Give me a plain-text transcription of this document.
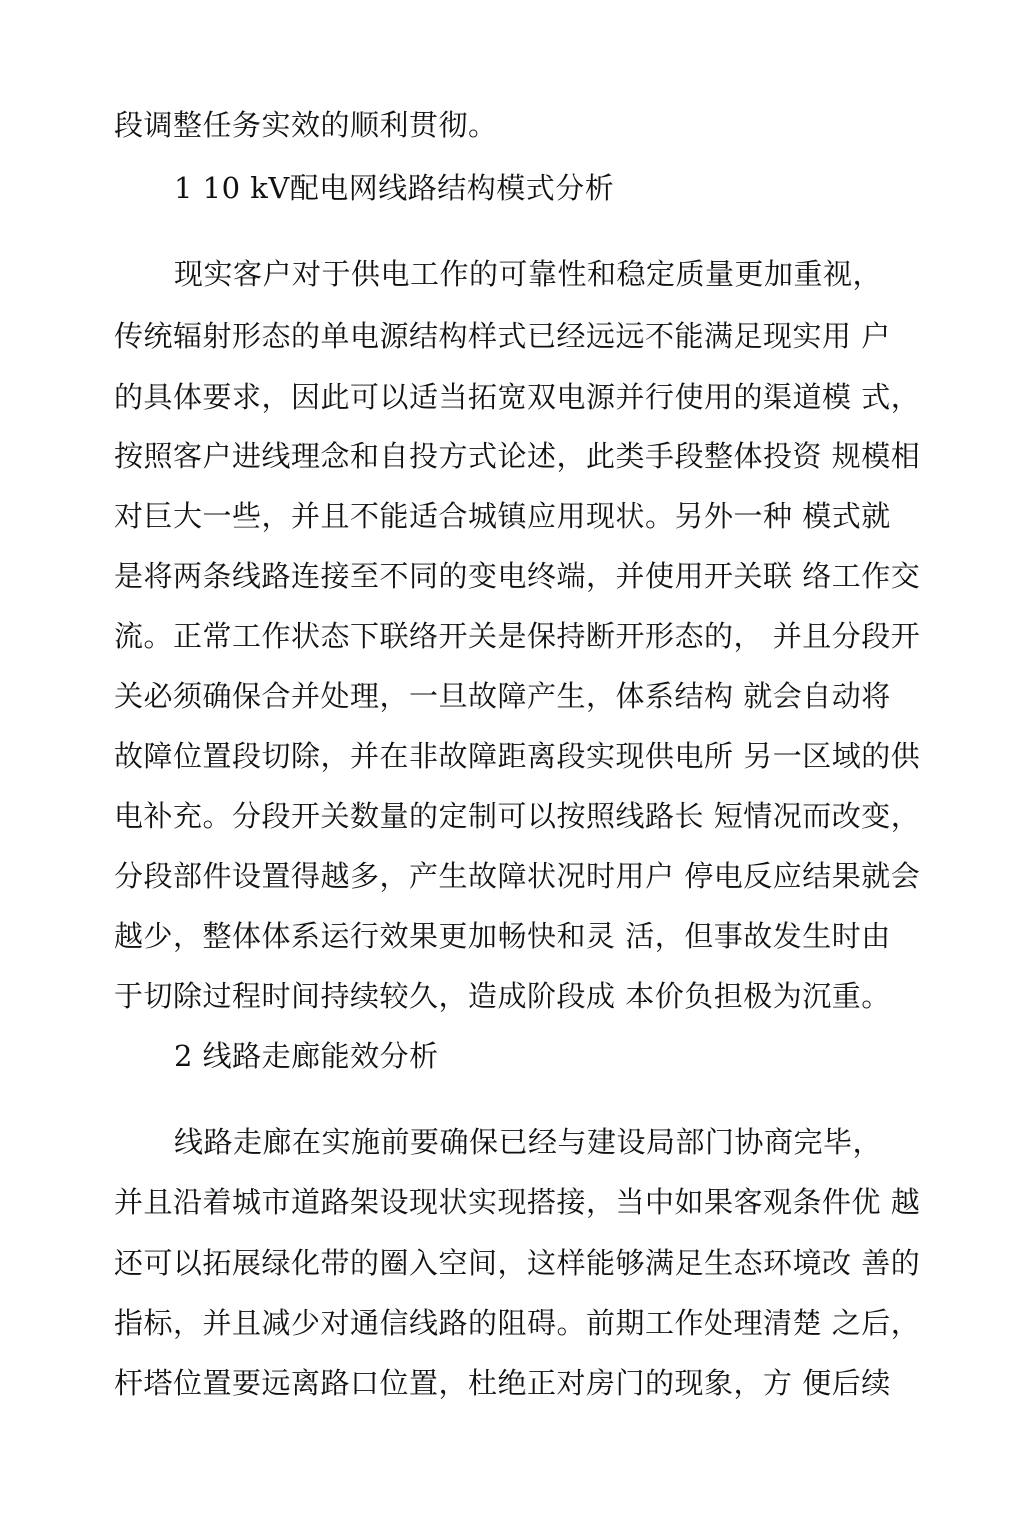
段调整任务实效的顺利贯彻。
1 10 kV配电网线路结构模式分析
现实客户对于供电工作的可靠性和稳定质量更加重视，
传统辐射形态的单电源结构样式已经远远不能满足现实用 户
的具体要求，因此可以适当拓宽双电源并行使用的渠道模 式，
按照客户进线理念和自投方式论述，此类手段整体投资 规模相
对巨大一些，并且不能适合城镇应用现状。另外一种 模式就
是将两条线路连接至不同的变电终端，并使用开关联 络工作交
流。正常工作状态下联络开关是保持断开形态的， 并且分段开
关必须确保合并处理，一旦故障产生，体系结构 就会自动将
故障位置段切除，并在非故障距离段实现供电所 另一区域的供
电补充。分段开关数量的定制可以按照线路长 短情况而改变，
分段部件设置得越多，产生故障状况时用户 停电反应结果就会
越少，整体体系运行效果更加畅快和灵 活，但事故发生时由
于切除过程时间持续较久，造成阶段成 本价负担极为沉重。
2 线路走廊能效分析
线路走廊在实施前要确保已经与建设局部门协商完毕，
并且沿着城市道路架设现状实现搭接，当中如果客观条件优 越
还可以拓展绿化带的圈入空间，这样能够满足生态环境改 善的
指标，并且减少对通信线路的阻碍。前期工作处理清楚 之后，
杆塔位置要远离路口位置，杜绝正对房门的现象，方 便后续
